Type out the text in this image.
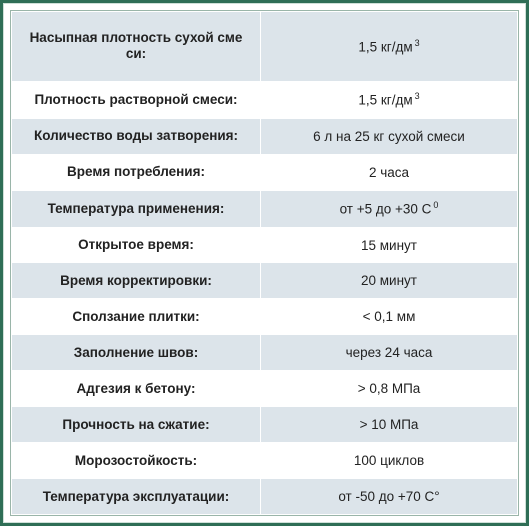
Насыпная плотность сухой сме си:	1,5 кг/дм $^3$
Плотность растворной смеси:	1,5 кг/дм $^3$
Количество воды затворения:	6 л на 25 кг сухой смеси
Время потребления:	2 часа
Температура применения:	от +5 до +30 С $^0$
Открытое время:	15 минут
Время корректировки:	20 минут
Сползание плитки:	< 0,1 мм
Заполнение швов:	через 24 часа
Адгезия к бетону:	> 0,8 МПа
Прочность на сжатие:	> 10 МПа
Морозостойкость:	100 циклов
Температура эксплуатации:	от -50 до +70 С°
